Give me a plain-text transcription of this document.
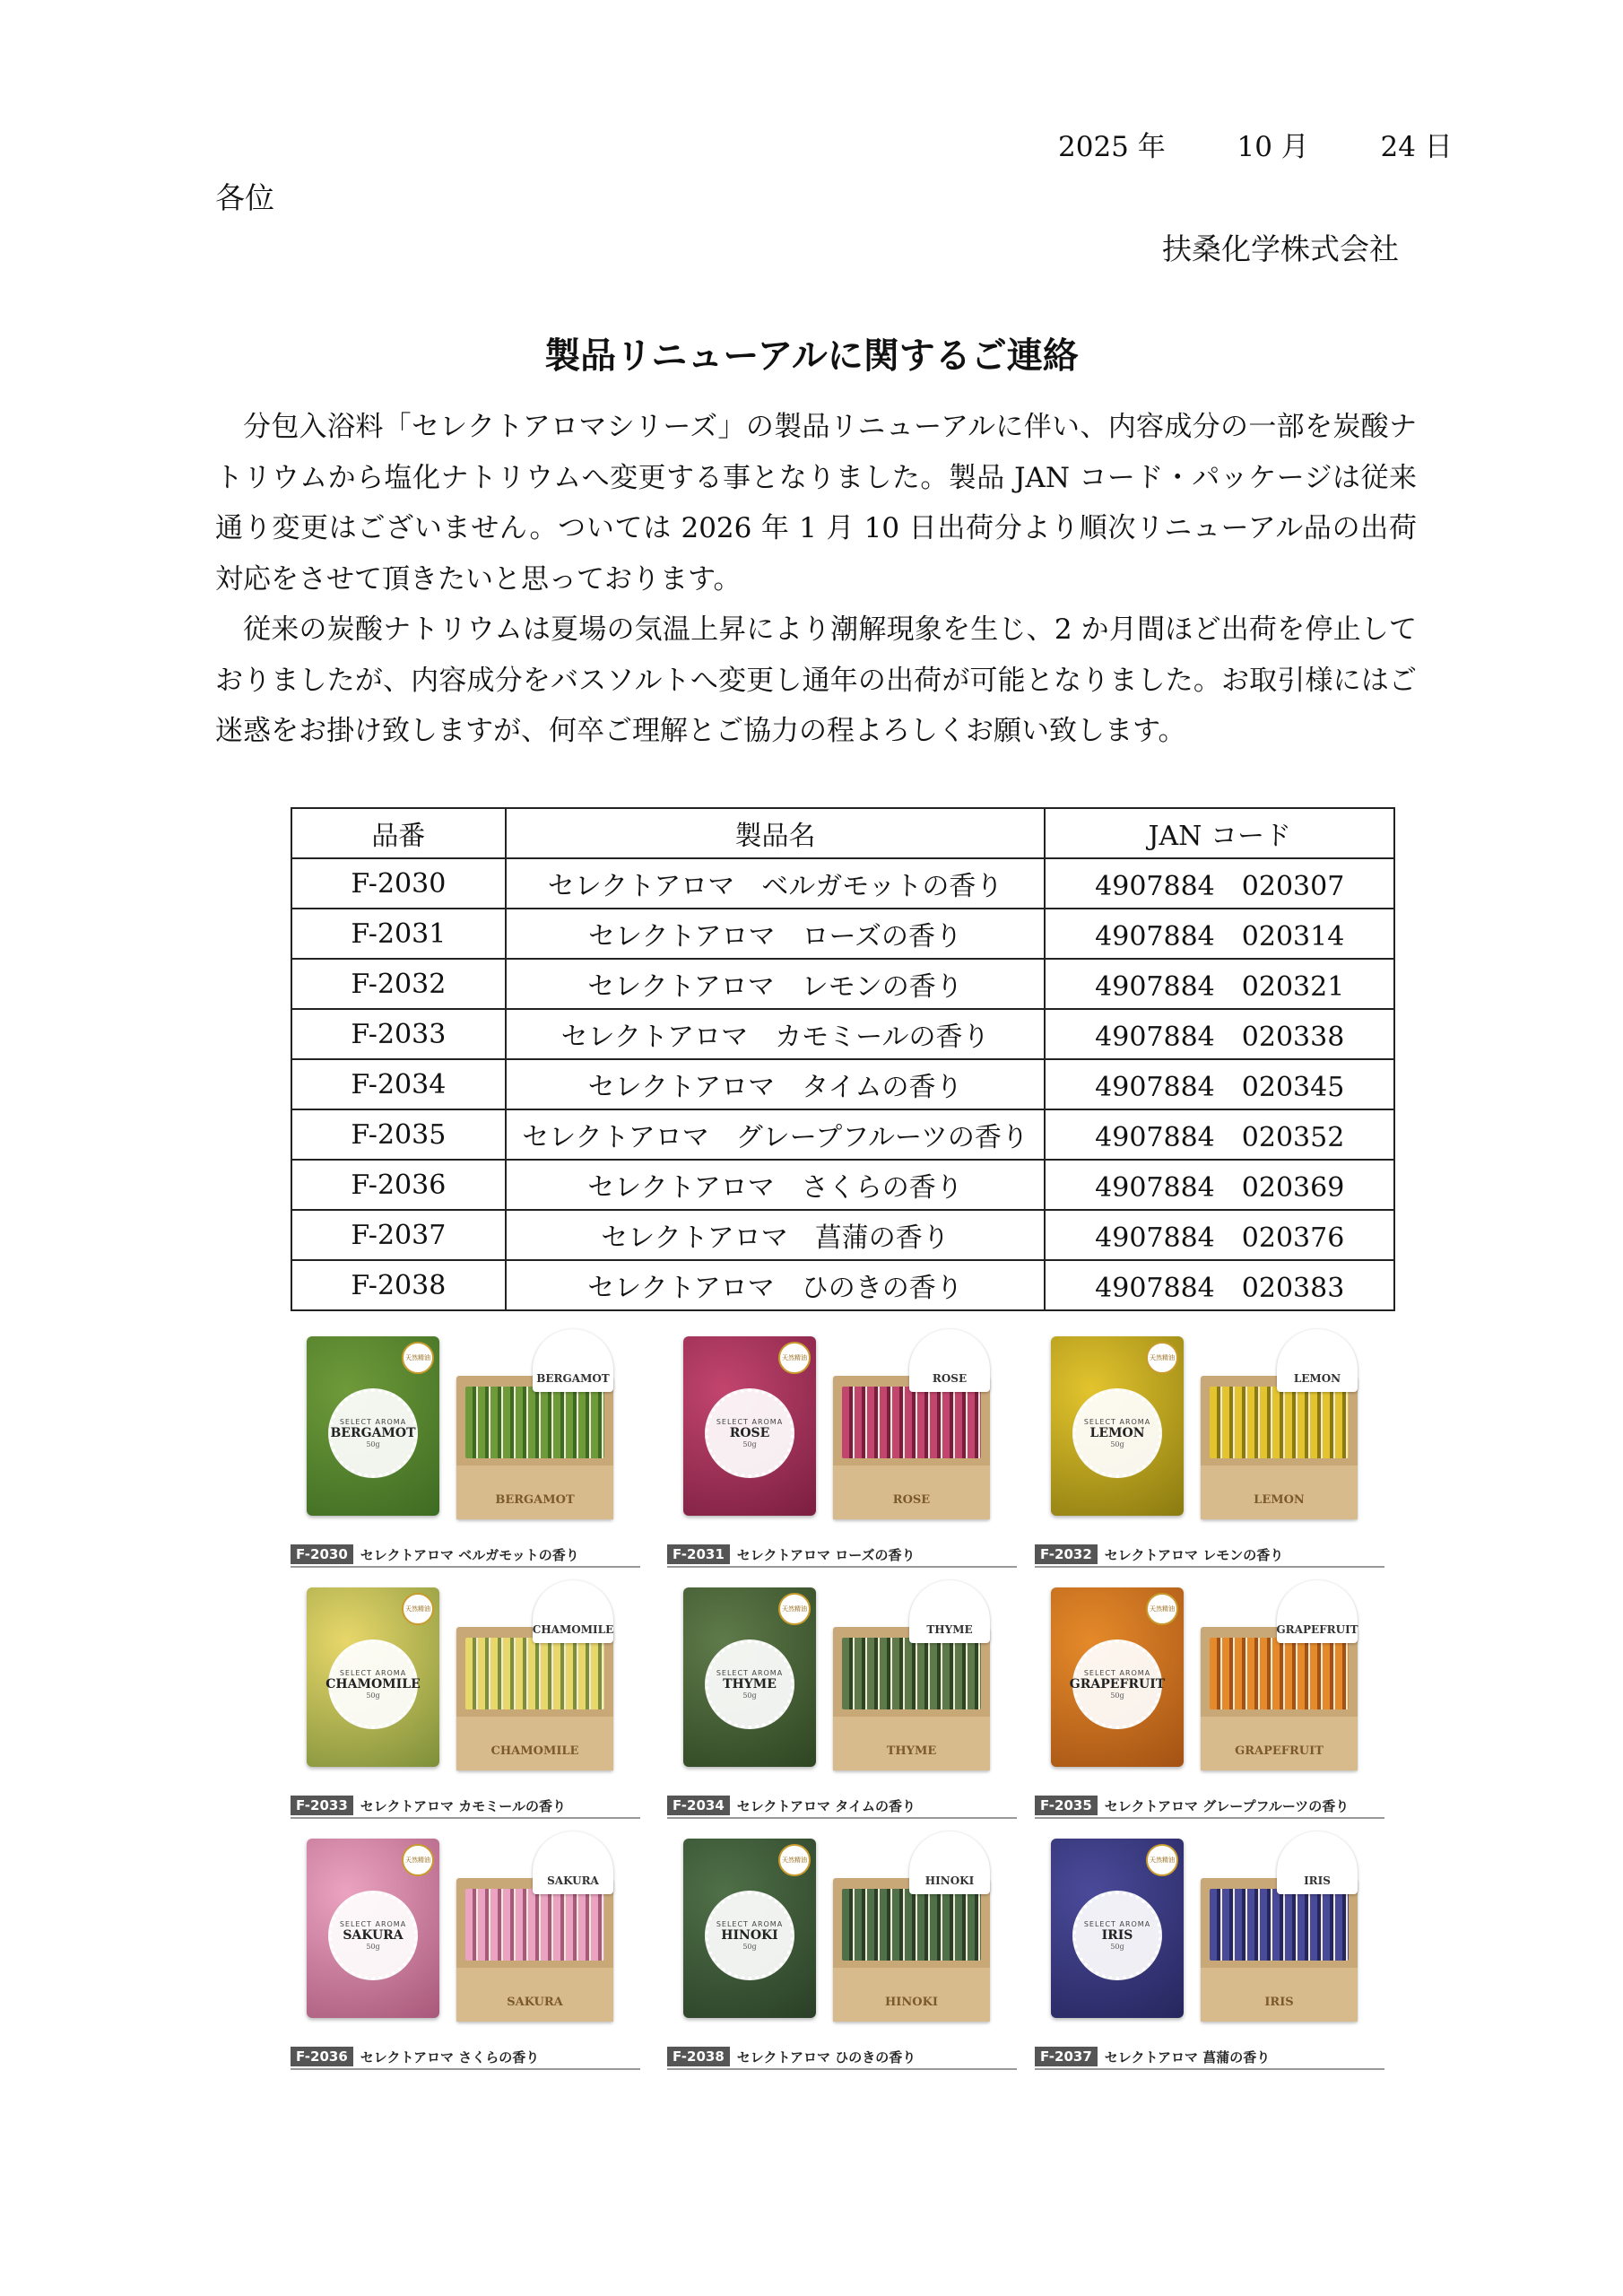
2025 年	10 月	24 日
各位
扶桑化学株式会社
製品リニューアルに関するご連絡

分包入浴料「セレクトアロマシリーズ」の製品リニューアルに伴い、内容成分の一部を炭酸ナトリウムから塩化ナトリウムへ変更する事となりました。製品 JAN コード・パッケージは従来通り変更はございません。ついては 2026 年 1 月 10 日出荷分より順次リニューアル品の出荷対応をさせて頂きたいと思っております。

従来の炭酸ナトリウムは夏場の気温上昇により潮解現象を生じ、2 か月間ほど出荷を停止しておりましたが、内容成分をバスソルトへ変更し通年の出荷が可能となりました。お取引様にはご迷惑をお掛け致しますが、何卒ご理解とご協力の程よろしくお願い致します。

品番	製品名	JAN コード
F-2030	セレクトアロマ　ベルガモットの香り	4907884　020307
F-2031	セレクトアロマ　ローズの香り	4907884　020314
F-2032	セレクトアロマ　レモンの香り	4907884　020321
F-2033	セレクトアロマ　カモミールの香り	4907884　020338
F-2034	セレクトアロマ　タイムの香り	4907884　020345
F-2035	セレクトアロマ　グレープフルーツの香り	4907884　020352
F-2036	セレクトアロマ　さくらの香り	4907884　020369
F-2037	セレクトアロマ　菖蒲の香り	4907884　020376
F-2038	セレクトアロマ　ひのきの香り	4907884　020383
天然精油
SELECT AROMA
BERGAMOT
50g
BERGAMOT
BERGAMOT
F-2030 セレクトアロマ ベルガモットの香り
天然精油
SELECT AROMA
ROSE
50g
ROSE
ROSE
F-2031 セレクトアロマ ローズの香り
天然精油
SELECT AROMA
LEMON
50g
LEMON
LEMON
F-2032 セレクトアロマ レモンの香り
天然精油
SELECT AROMA
CHAMOMILE
50g
CHAMOMILE
CHAMOMILE
F-2033 セレクトアロマ カモミールの香り
天然精油
SELECT AROMA
THYME
50g
THYME
THYME
F-2034 セレクトアロマ タイムの香り
天然精油
SELECT AROMA
GRAPEFRUIT
50g
GRAPEFRUIT
GRAPEFRUIT
F-2035 セレクトアロマ グレープフルーツの香り
天然精油
SELECT AROMA
SAKURA
50g
SAKURA
SAKURA
F-2036 セレクトアロマ さくらの香り
天然精油
SELECT AROMA
HINOKI
50g
HINOKI
HINOKI
F-2038 セレクトアロマ ひのきの香り
天然精油
SELECT AROMA
IRIS
50g
IRIS
IRIS
F-2037 セレクトアロマ 菖蒲の香り
